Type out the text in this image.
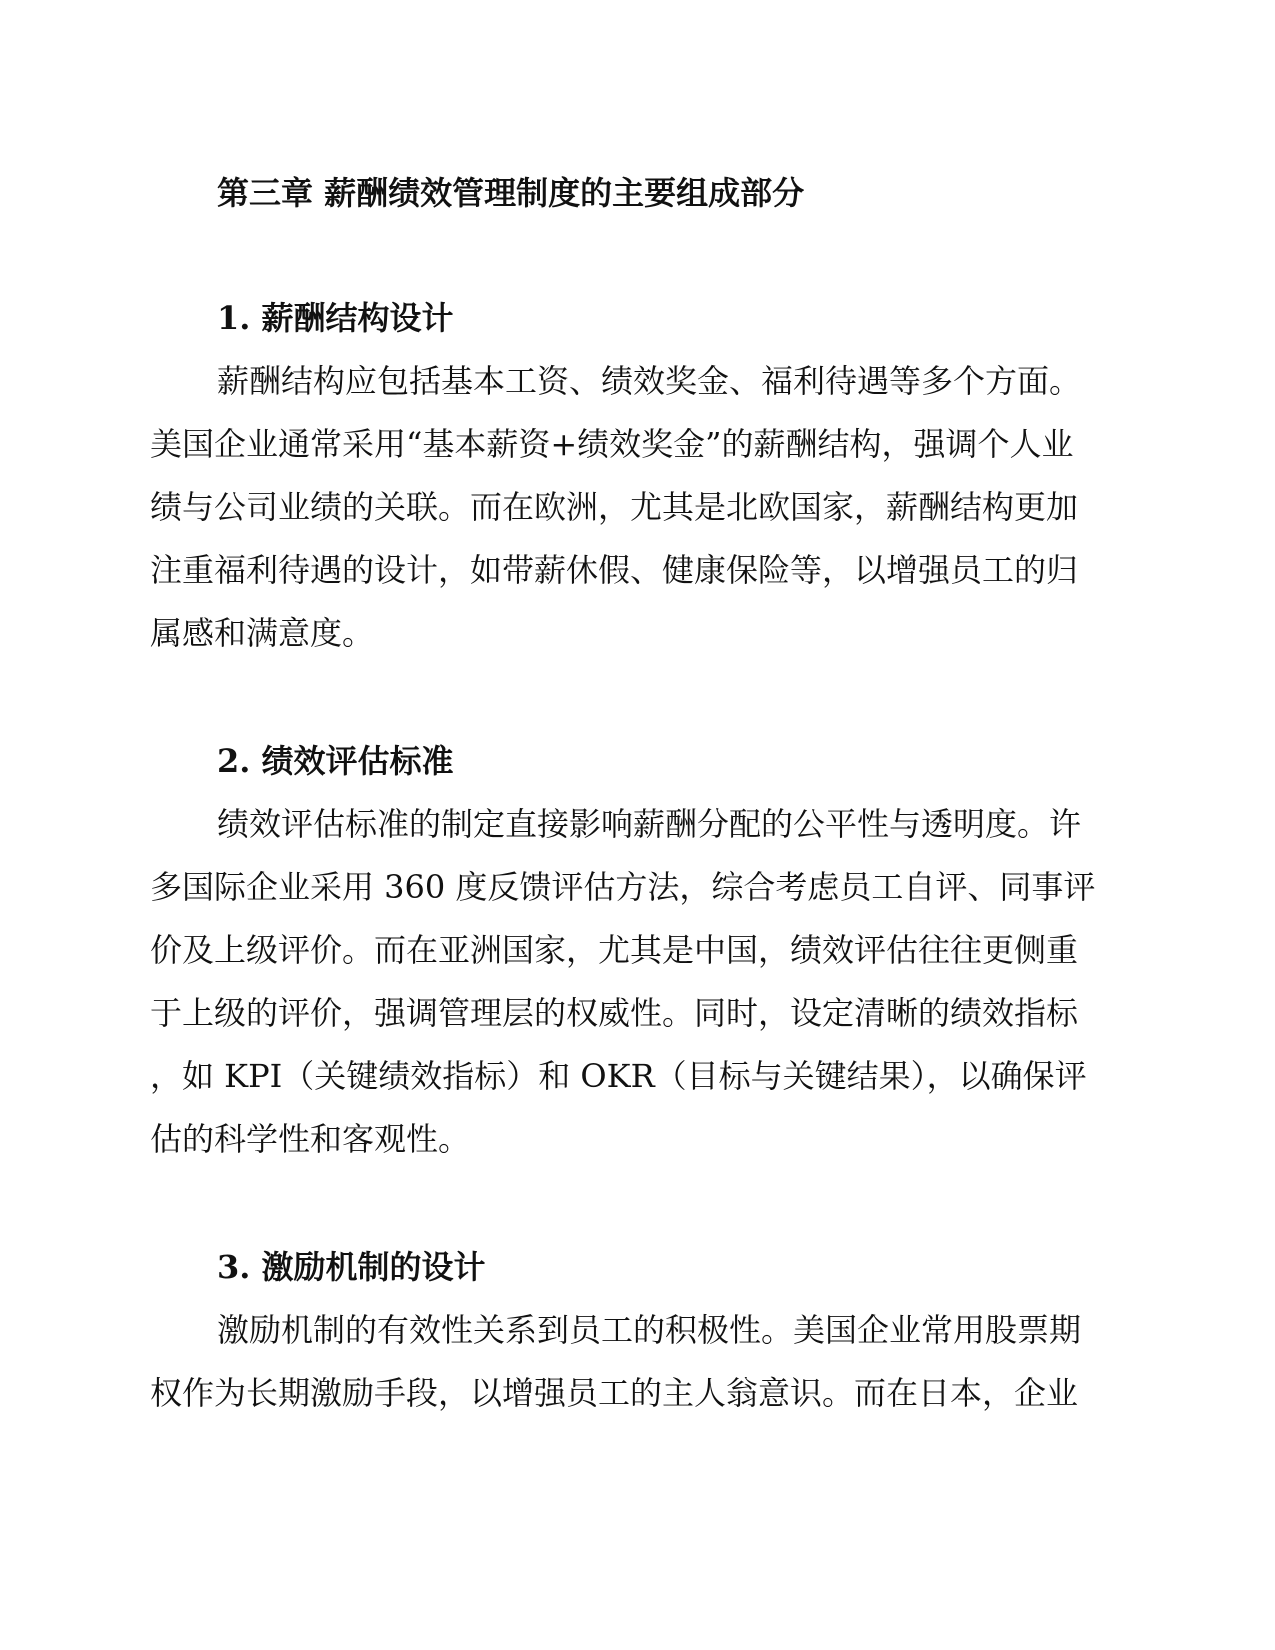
第三章 薪酬绩效管理制度的主要组成部分
1. 薪酬结构设计
薪酬结构应包括基本工资、绩效奖金、福利待遇等多个方面。
美国企业通常采用“基本薪资+绩效奖金”的薪酬结构，强调个人业
绩与公司业绩的关联。而在欧洲，尤其是北欧国家，薪酬结构更加
注重福利待遇的设计，如带薪休假、健康保险等，以增强员工的归
属感和满意度。
2. 绩效评估标准
绩效评估标准的制定直接影响薪酬分配的公平性与透明度。许
多国际企业采用 360 度反馈评估方法，综合考虑员工自评、同事评
价及上级评价。而在亚洲国家，尤其是中国，绩效评估往往更侧重
于上级的评价，强调管理层的权威性。同时，设定清晰的绩效指标
，如 KPI（关键绩效指标）和 OKR（目标与关键结果），以确保评
估的科学性和客观性。
3. 激励机制的设计
激励机制的有效性关系到员工的积极性。美国企业常用股票期
权作为长期激励手段，以增强员工的主人翁意识。而在日本，企业
